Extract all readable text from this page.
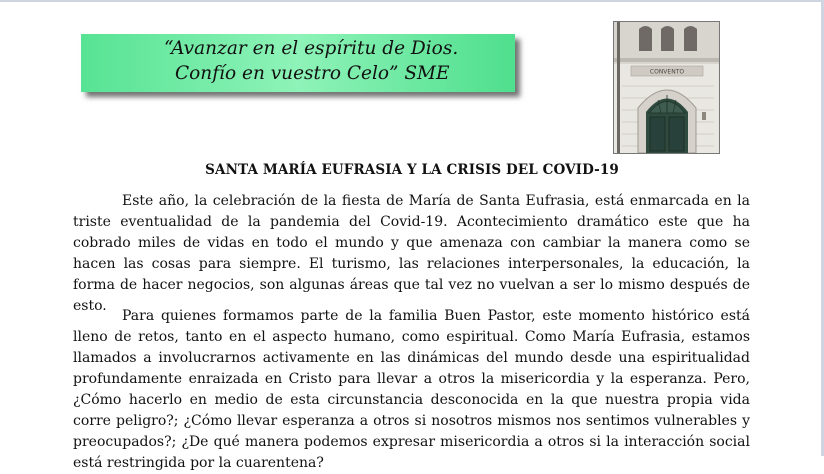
“Avanzar en el espíritu de Dios.
Confío en vuestro Celo” SME	CONVENTO
SANTA MARÍA EUFRASIA Y LA CRISIS DEL COVID-19

Este año, la celebración de la fiesta de María de Santa Eufrasia, está enmarcada en la triste eventualidad de la pandemia del Covid-19. Acontecimiento dramático este que ha cobrado miles de vidas en todo el mundo y que amenaza con cambiar la manera como se hacen las cosas para siempre. El turismo, las relaciones interpersonales, la educación, la forma de hacer negocios, son algunas áreas que tal vez no vuelvan a ser lo mismo después de esto.

Para quienes formamos parte de la familia Buen Pastor, este momento histórico está lleno de retos, tanto en el aspecto humano, como espiritual. Como María Eufrasia, estamos llamados a involucrarnos activamente en las dinámicas del mundo desde una espiritualidad profundamente enraizada en Cristo para llevar a otros la misericordia y la esperanza. Pero, ¿Cómo hacerlo en medio de esta circunstancia desconocida en la que nuestra propia vida corre peligro?; ¿Cómo llevar esperanza a otros si nosotros mismos nos sentimos vulnerables y preocupados?; ¿De qué manera podemos expresar misericordia a otros si la interacción social está restringida por la cuarentena?
